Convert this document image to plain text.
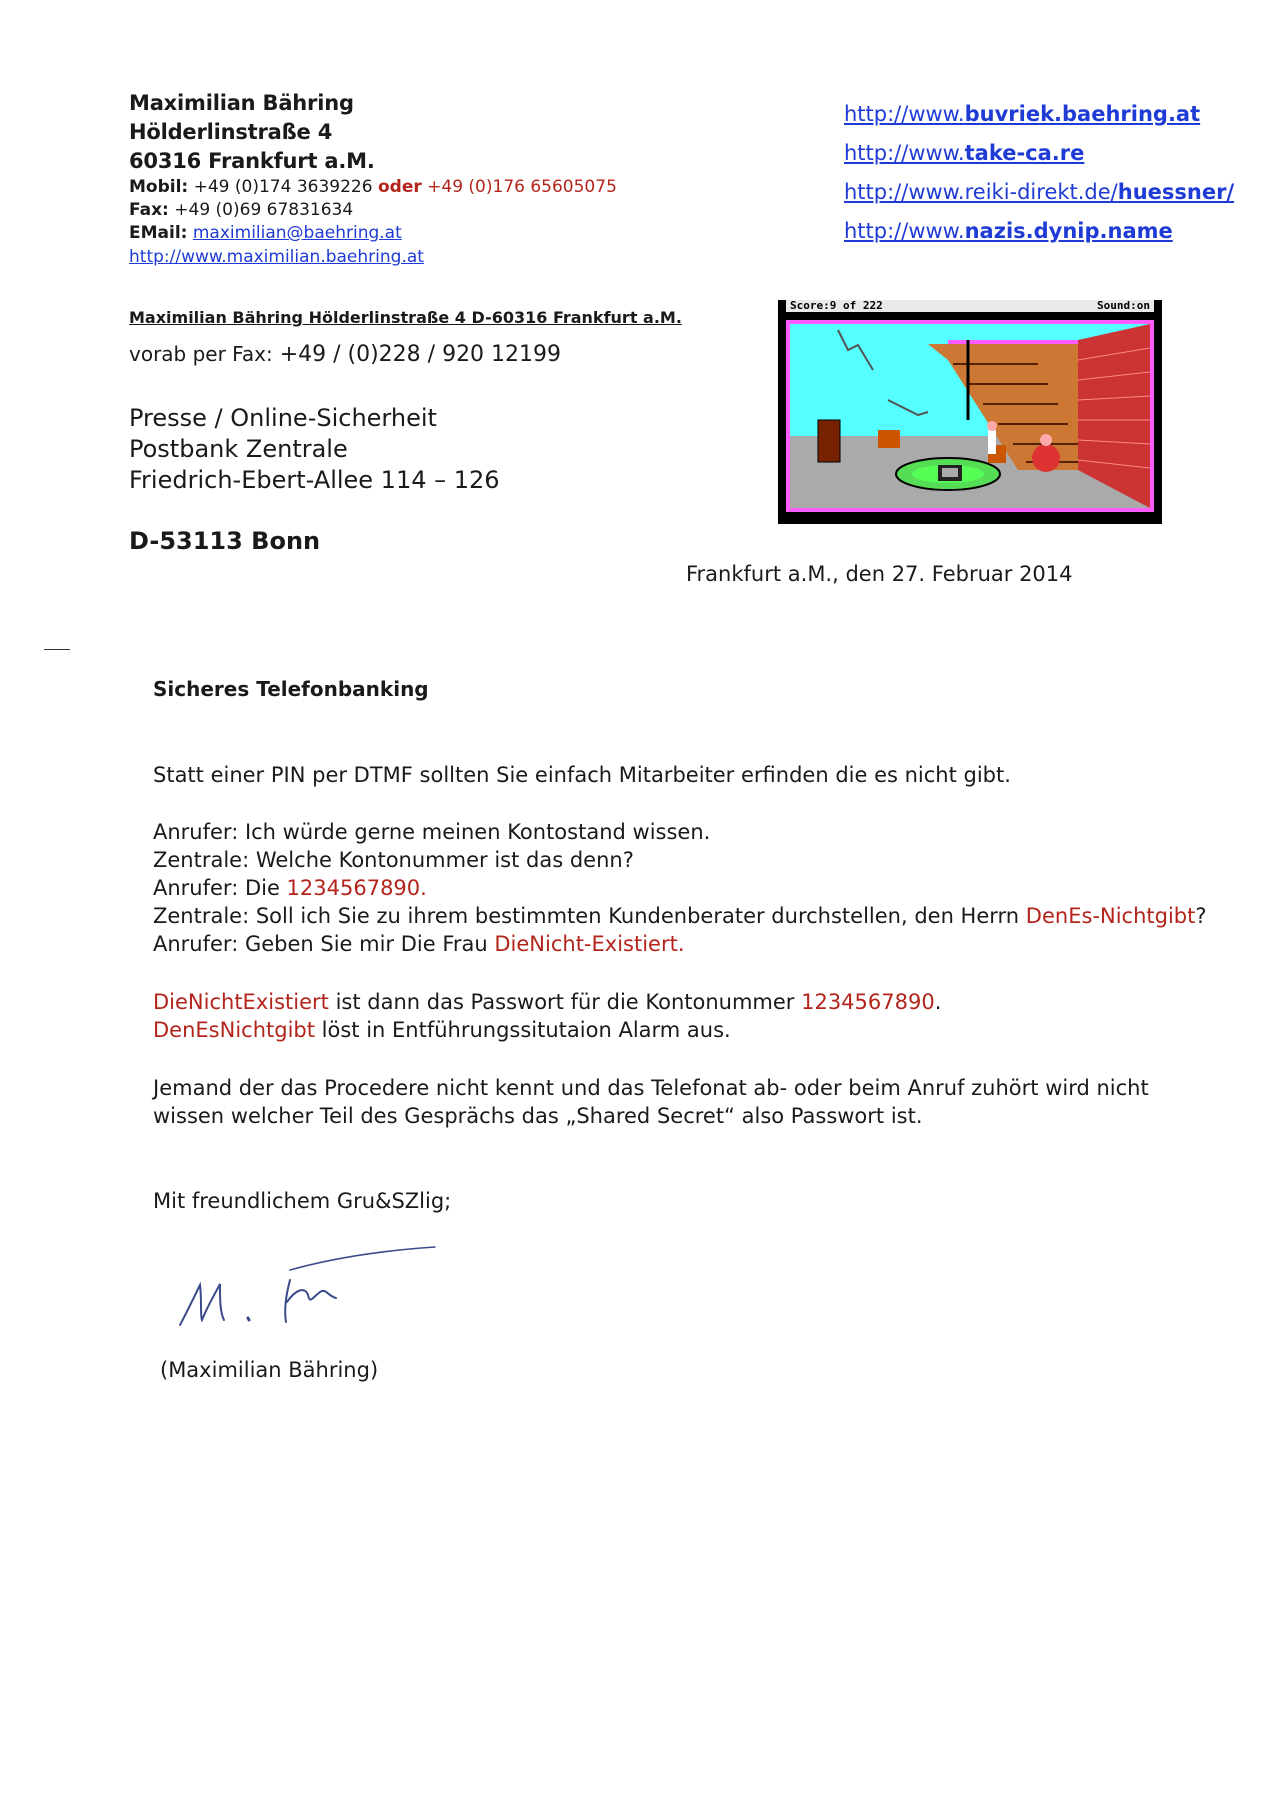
Maximilian Bähring
Hölderlinstraße 4
60316 Frankfurt a.M.
Mobil: +49 (0)174 3639226 oder +49 (0)176 65605075
Fax: +49 (0)69 67831634
EMail: maximilian@baehring.at
http://www.maximilian.baehring.at
http://www.buvriek.baehring.at
http://www.take-ca.re
http://www.reiki-direkt.de/huessner/
http://www.nazis.dynip.name
Score:9 of 222	Sound:on
Maximilian Bähring Hölderlinstraße 4 D-60316 Frankfurt a.M.
vorab per Fax: +49 / (0)228 / 920 12199
Presse / Online-Sicherheit
Postbank Zentrale
Friedrich-Ebert-Allee 114 – 126
D-53113 Bonn
Frankfurt a.M., den 27. Februar 2014
Sicheres Telefonbanking
Statt einer PIN per DTMF sollten Sie einfach Mitarbeiter erfinden die es nicht gibt.
Anrufer: Ich würde gerne meinen Kontostand wissen.
Zentrale: Welche Kontonummer ist das denn?
Anrufer: Die 1234567890.
Zentrale: Soll ich Sie zu ihrem bestimmten Kundenberater durchstellen, den Herrn DenEs-Nichtgibt?
Anrufer: Geben Sie mir Die Frau DieNicht-Existiert.
DieNichtExistiert ist dann das Passwort für die Kontonummer 1234567890.
DenEsNichtgibt löst in Entführungssitutaion Alarm aus.
Jemand der das Procedere nicht kennt und das Telefonat ab- oder beim Anruf zuhört wird nicht
wissen welcher Teil des Gesprächs das „Shared Secret“ also Passwort ist.
Mit freundlichem Gru&SZlig;
(Maximilian Bähring)
